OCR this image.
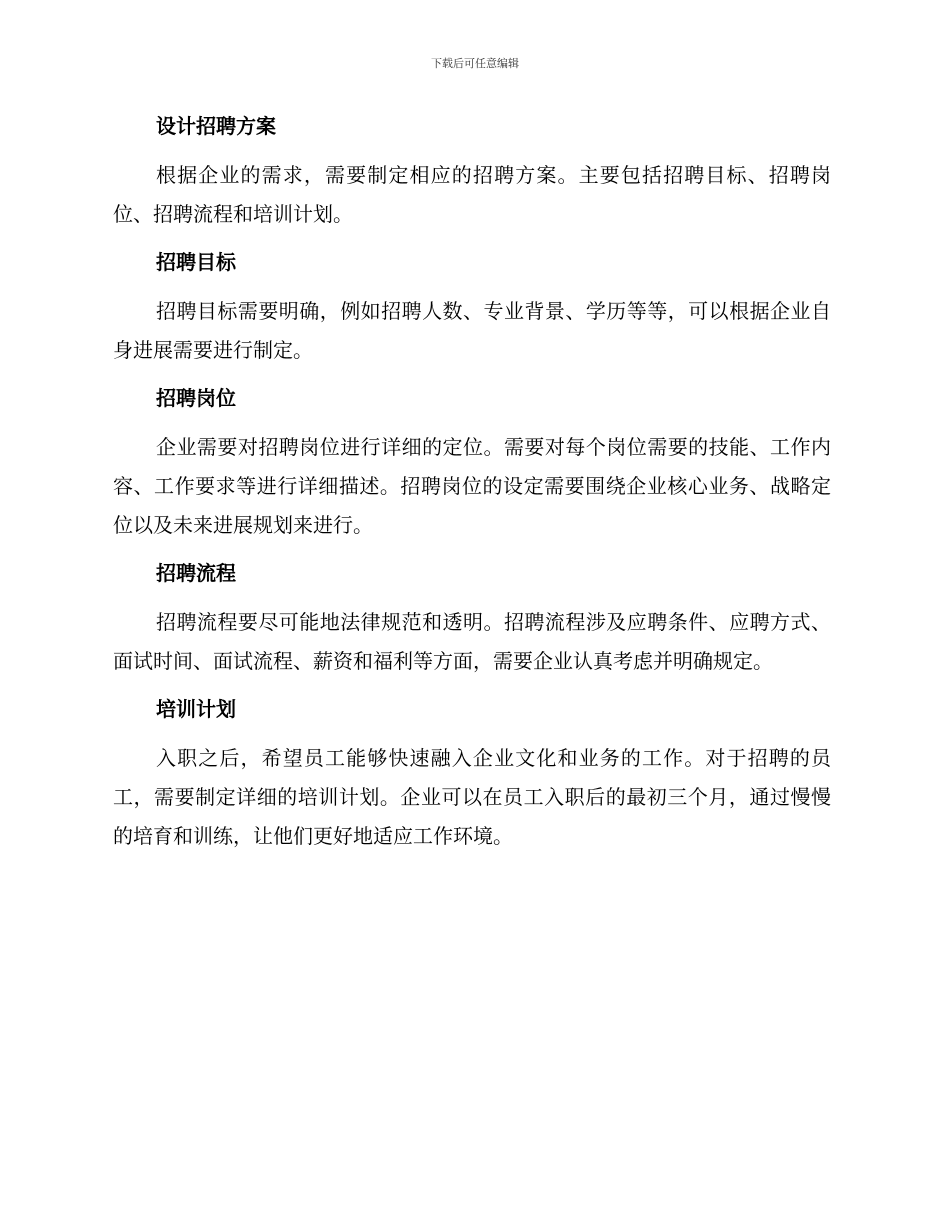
下载后可任意编辑
设计招聘方案

根据企业的需求，需要制定相应的招聘方案。主要包括招聘目标、招聘岗位、招聘流程和培训计划。

招聘目标

招聘目标需要明确，例如招聘人数、专业背景、学历等等，可以根据企业自身进展需要进行制定。

招聘岗位

企业需要对招聘岗位进行详细的定位。需要对每个岗位需要的技能、工作内容、工作要求等进行详细描述。招聘岗位的设定需要围绕企业核心业务、战略定位以及未来进展规划来进行。

招聘流程

招聘流程要尽可能地法律规范和透明。招聘流程涉及应聘条件、应聘方式、面试时间、面试流程、薪资和福利等方面，需要企业认真考虑并明确规定。

培训计划

入职之后，希望员工能够快速融入企业文化和业务的工作。对于招聘的员工，需要制定详细的培训计划。企业可以在员工入职后的最初三个月，通过慢慢的培育和训练，让他们更好地适应工作环境。
